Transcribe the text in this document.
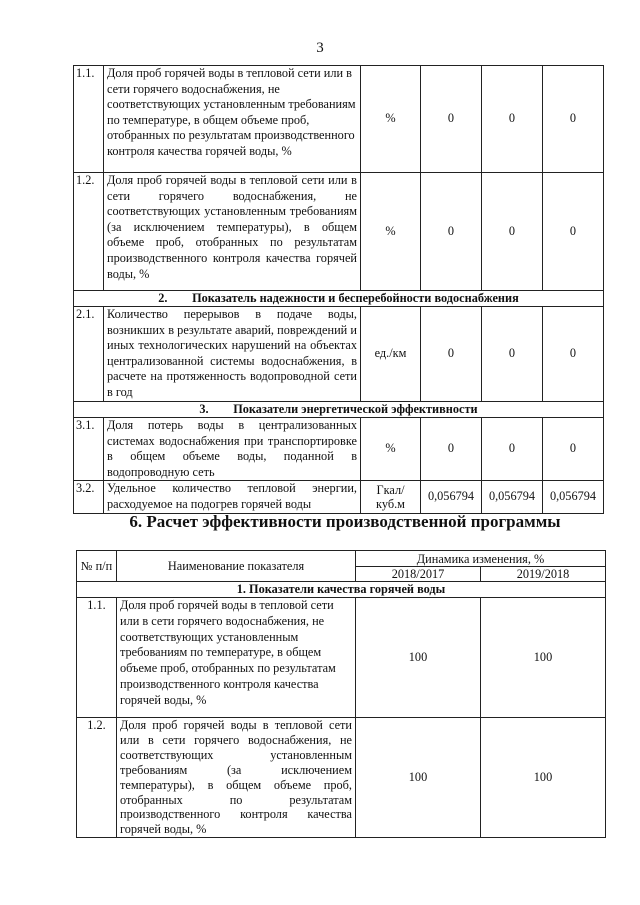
3
1.1.	Доля проб горячей воды в тепловой сети или в сети горячего водоснабжения, не соответствующих установленным требованиям по температуре, в общем объеме проб, отобранных по результатам производственного контроля качества горячей воды, %	%	0	0	0
1.2.	Доля проб горячей воды в тепловой сети или в сети горячего водоснабжения, не соответствующих установленным требованиям (за исключением температуры), в общем объеме проб, отобранных по результатам производственного контроля качества горячей воды, %	%	0	0	0
2.        Показатель надежности и бесперебойности водоснабжения					
2.1.	Количество перерывов в подаче воды, возникших в результате аварий, повреждений и иных технологических нарушений на объектах централизованной системы водоснабжения, в расчете на протяженность водопроводной сети в год	ед./км	0	0	0
3.        Показатели энергетической эффективности					
3.1.	Доля потерь воды в централизованных системах водоснабжения при транспортировке в общем объеме воды, поданной в водопроводную сеть	%	0	0	0
3.2.	Удельное количество тепловой энергии, расходуемое на подогрев горячей воды	Гкал/ куб.м	0,056794	0,056794	0,056794
6. Расчет эффективности производственной программы
№ п/п	Наименование показателя	Динамика изменения, %	
		2018/2017	2019/2018
1. Показатели качества горячей воды			
1.1.	Доля проб горячей воды в тепловой сети или в сети горячего водоснабжения, не соответствующих установленным требованиям по температуре, в общем объеме проб, отобранных по результатам производственного контроля качества горячей воды, %	100	100
1.2.	Доля проб горячей воды в тепловой сети или в сети горячего водоснабжения, не соответствующих установленным требованиям (за исключением температуры), в общем объеме проб, отобранных по результатам производственного контроля качества горячей воды, %	100	100
